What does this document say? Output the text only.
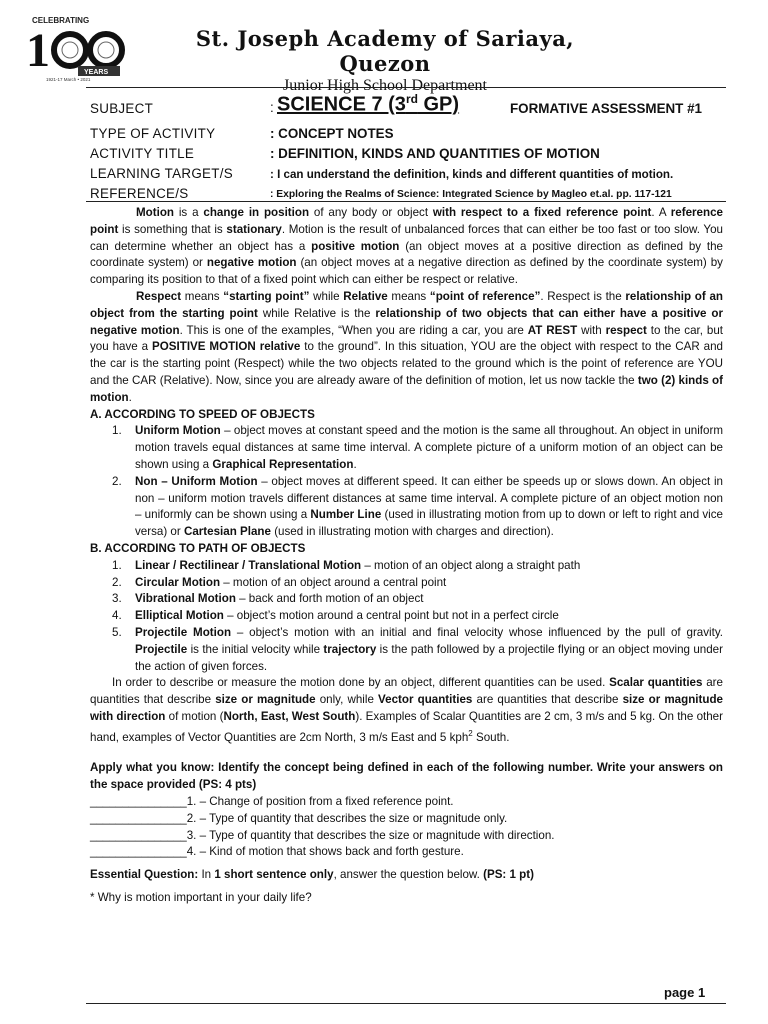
CELEBRATING
1	YEARS
1921-17 March • 2021
St. Joseph Academy of Sariaya, Quezon
Junior High School Department
SUBJECT	: SCIENCE 7 (3rd GP)	FORMATIVE ASSESSMENT #1
TYPE OF ACTIVITY	: CONCEPT NOTES
ACTIVITY TITLE	: DEFINITION, KINDS AND QUANTITIES OF MOTION
LEARNING TARGET/S	: I can understand the definition, kinds and different quantities of motion.
REFERENCE/S	: Exploring the Realms of Science: Integrated Science by Magleo et.al. pp. 117-121

Motion is a change in position of any body or object with respect to a fixed reference point. A reference point is something that is stationary. Motion is the result of unbalanced forces that can either be too fast or too slow. You can determine whether an object has a positive motion (an object moves at a positive direction as defined by the coordinate system) or negative motion (an object moves at a negative direction as defined by the coordinate system) by comparing its position to that of a fixed point which can either be respect or relative.

Respect means “starting point” while Relative means “point of reference”. Respect is the relationship of an object from the starting point while Relative is the relationship of two objects that can either have a positive or negative motion. This is one of the examples, “When you are riding a car, you are AT REST with respect to the car, but you have a POSITIVE MOTION relative to the ground”. In this situation, YOU are the object with respect to the CAR and the car is the starting point (Respect) while the two objects related to the ground which is the point of reference are YOU and the CAR (Relative). Now, since you are already aware of the definition of motion, let us now tackle the two (2) kinds of motion.

A. ACCORDING TO SPEED OF OBJECTS

1. Uniform Motion – object moves at constant speed and the motion is the same all throughout. An object in uniform motion travels equal distances at same time interval. A complete picture of a uniform motion of an object can be shown using a Graphical Representation.
2. Non – Uniform Motion – object moves at different speed. It can either be speeds up or slows down. An object in non – uniform motion travels different distances at same time interval. A complete picture of an object motion non – uniformly can be shown using a Number Line (used in illustrating motion from up to down or left to right and vice versa) or Cartesian Plane (used in illustrating motion with charges and direction).

B. ACCORDING TO PATH OF OBJECTS

1. Linear / Rectilinear / Translational Motion – motion of an object along a straight path
2. Circular Motion – motion of an object around a central point
3. Vibrational Motion – back and forth motion of an object
4. Elliptical Motion – object’s motion around a central point but not in a perfect circle
5. Projectile Motion – object’s motion with an initial and final velocity whose influenced by the pull of gravity. Projectile is the initial velocity while trajectory is the path followed by a projectile flying or an object moving under the action of given forces.

In order to describe or measure the motion done by an object, different quantities can be used. Scalar quantities are quantities that describe size or magnitude only, while Vector quantities are quantities that describe size or magnitude with direction of motion (North, East, West South). Examples of Scalar Quantities are 2 cm, 3 m/s and 5 kg. On the other hand, examples of Vector Quantities are 2cm North, 3 m/s East and 5 kph$^2$ South.

Apply what you know: Identify the concept being defined in each of the following number. Write your answers on the space provided (PS: 4 pts)

_______________1. – Change of position from a fixed reference point.

_______________2. – Type of quantity that describes the size or magnitude only.

_______________3. – Type of quantity that describes the size or magnitude with direction.

_______________4. – Kind of motion that shows back and forth gesture.

Essential Question: In 1 short sentence only, answer the question below. (PS: 1 pt)

* Why is motion important in your daily life?

page 1
